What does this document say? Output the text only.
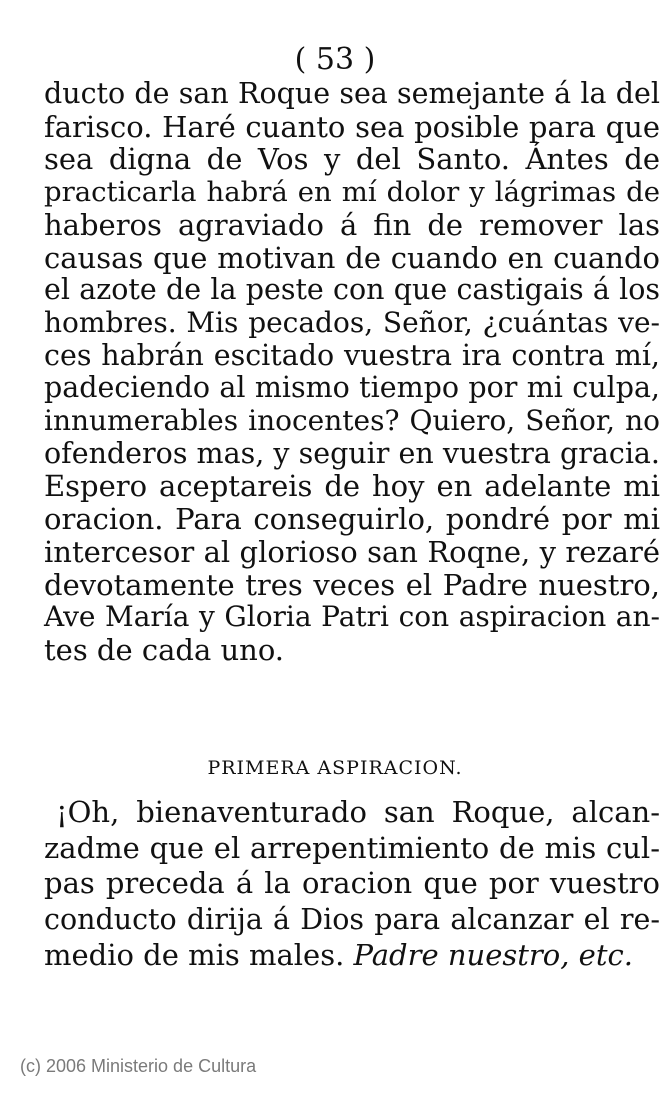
( 53 )
ducto de san Roque sea semejante á la del
farisco. Haré cuanto sea posible para que
sea digna de Vos y del Santo. Ántes de
practicarla habrá en mí dolor y lágrimas de
haberos agraviado á fin de remover las
causas que motivan de cuando en cuando
el azote de la peste con que castigais á los
hombres. Mis pecados, Señor, ¿cuántas ve-
ces habrán escitado vuestra ira contra mí,
padeciendo al mismo tiempo por mi culpa,
innumerables inocentes? Quiero, Señor, no
ofenderos mas, y seguir en vuestra gracia.
Espero aceptareis de hoy en adelante mi
oracion. Para conseguirlo, pondré por mi
intercesor al glorioso san Roqne, y rezaré
devotamente tres veces el Padre nuestro,
Ave María y Gloria Patri con aspiracion an-
tes de cada uno.
PRIMERA ASPIRACION.
¡Oh, bienaventurado san Roque, alcan-
zadme que el arrepentimiento de mis cul-
pas preceda á la oracion que por vuestro
conducto dirija á Dios para alcanzar el re-
medio de mis males. Padre nuestro, etc.
(c) 2006 Ministerio de Cultura
